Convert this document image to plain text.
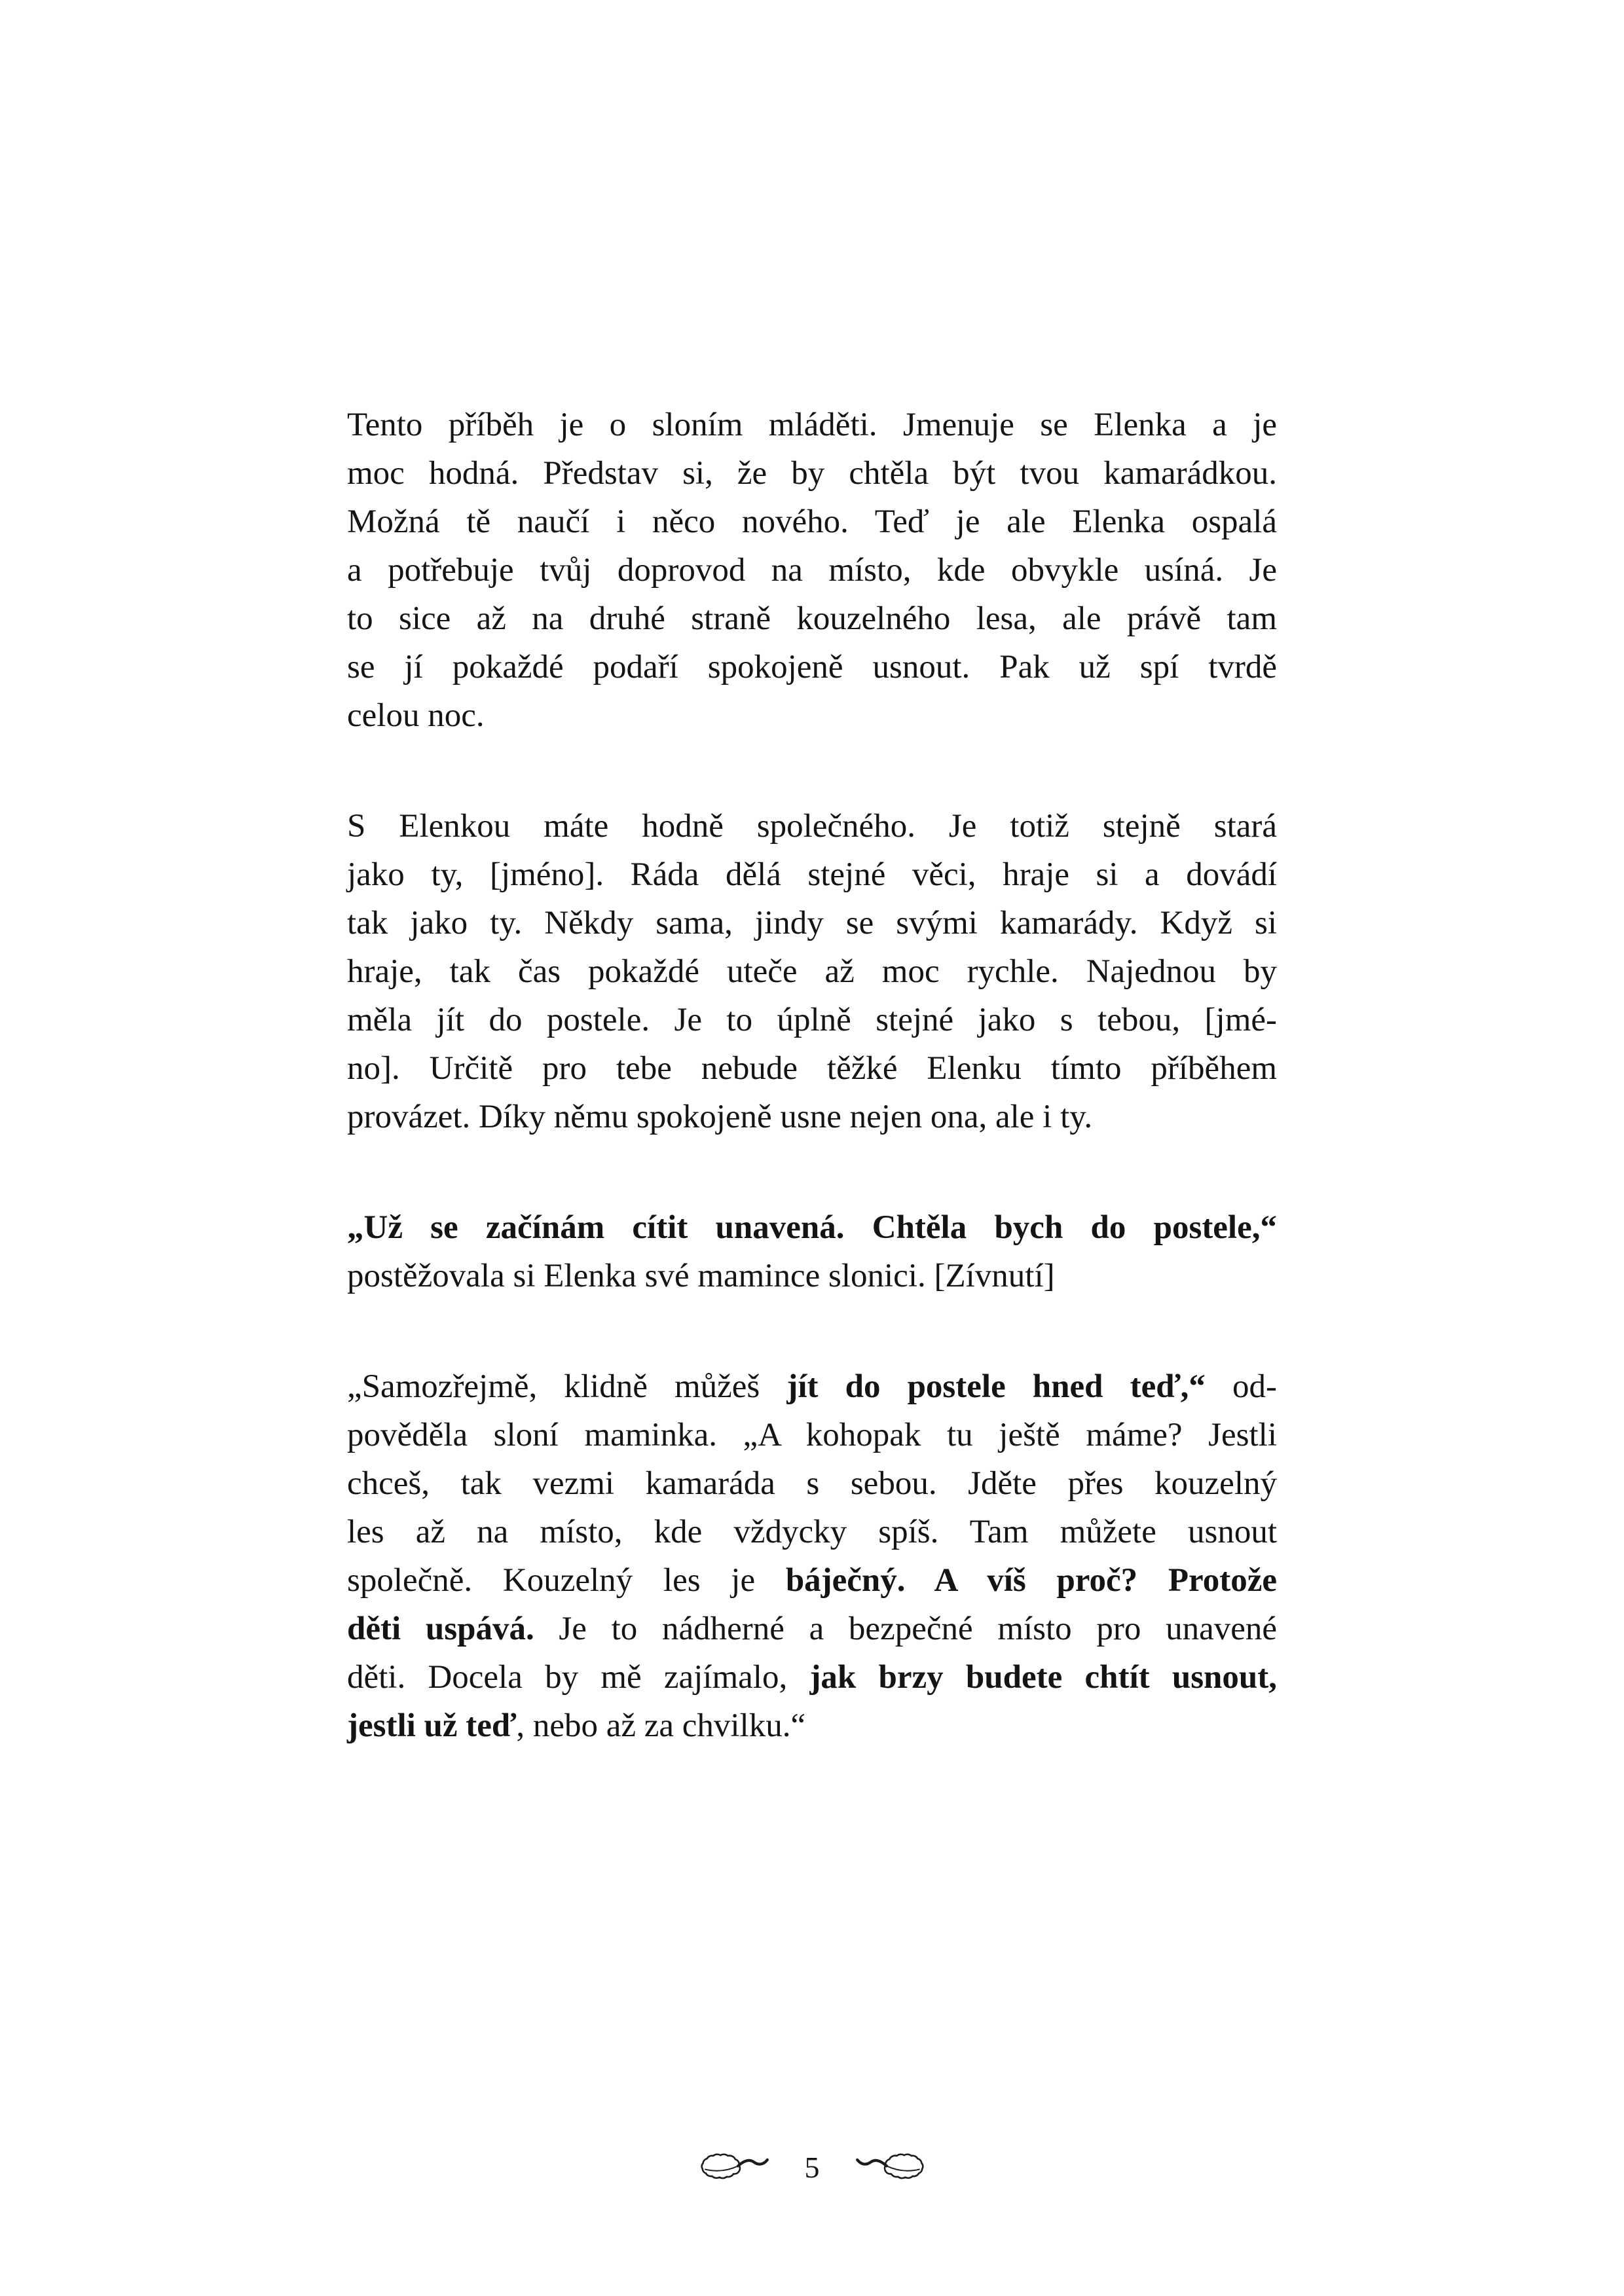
Tento příběh je o sloním mláděti. Jmenuje se Elenka a je
moc hodná. Představ si, že by chtěla být tvou kamarádkou.
Možná tě naučí i něco nového. Teď je ale Elenka ospalá
a potřebuje tvůj doprovod na místo, kde obvykle usíná. Je
to sice až na druhé straně kouzelného lesa, ale právě tam
se jí pokaždé podaří spokojeně usnout. Pak už spí tvrdě
celou noc.
S Elenkou máte hodně společného. Je totiž stejně stará
jako ty, [jméno]. Ráda dělá stejné věci, hraje si a dovádí
tak jako ty. Někdy sama, jindy se svými kamarády. Když si
hraje, tak čas pokaždé uteče až moc rychle. Najednou by
měla jít do postele. Je to úplně stejné jako s tebou, [jmé-
no]. Určitě pro tebe nebude těžké Elenku tímto příběhem
provázet. Díky němu spokojeně usne nejen ona, ale i ty.
„Už se začínám cítit unavená. Chtěla bych do postele,“
postěžovala si Elenka své mamince slonici. [Zívnutí]
„Samozřejmě, klidně můžeš jít do postele hned teď,“ od-
pověděla sloní maminka. „A kohopak tu ještě máme? Jestli
chceš, tak vezmi kamaráda s sebou. Jděte přes kouzelný
les až na místo, kde vždycky spíš. Tam můžete usnout
společně. Kouzelný les je báječný. A víš proč? Protože
děti uspává. Je to nádherné a bezpečné místo pro unavené
děti. Docela by mě zajímalo, jak brzy budete chtít usnout,
jestli už teď, nebo až za chvilku.“
5
